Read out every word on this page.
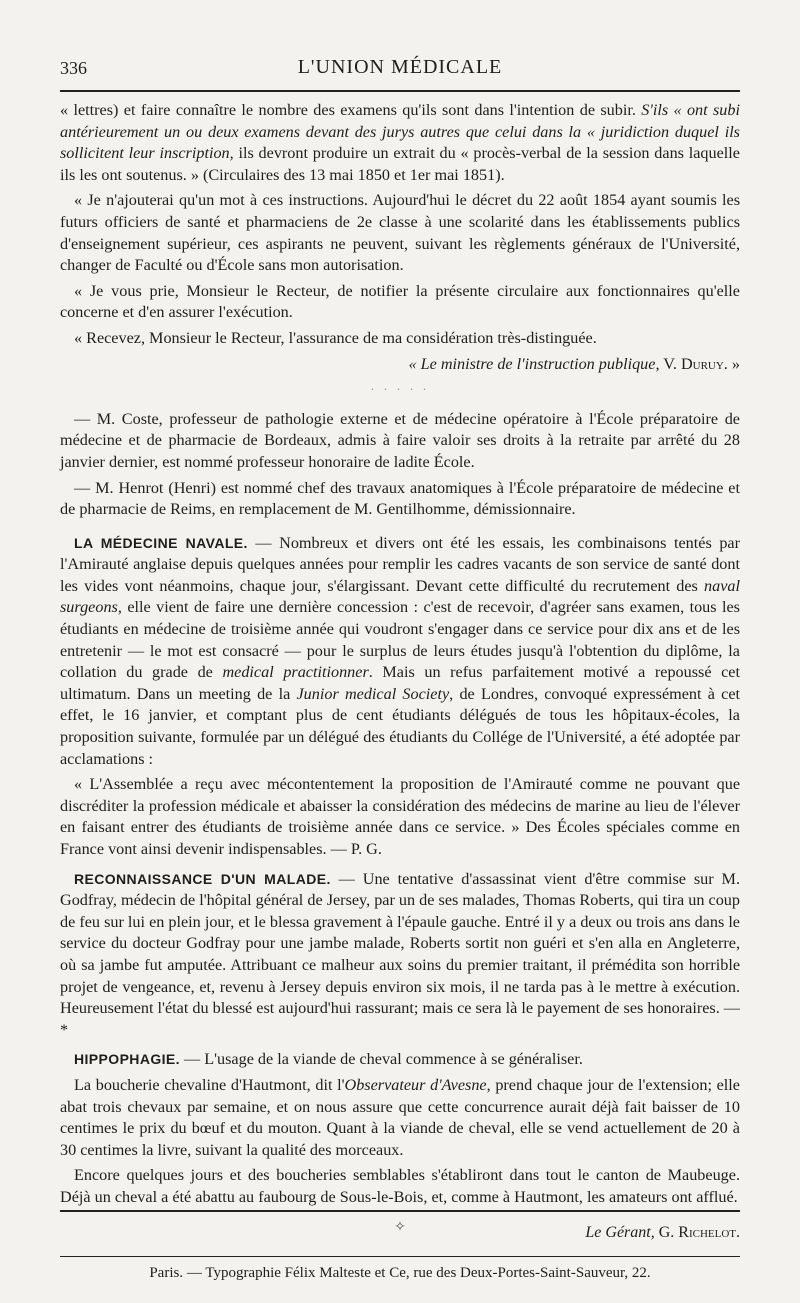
336	L'UNION MÉDICALE

« lettres) et faire connaître le nombre des examens qu'ils sont dans l'intention de subir. S'ils « ont subi antérieurement un ou deux examens devant des jurys autres que celui dans la « juridiction duquel ils sollicitent leur inscription, ils devront produire un extrait du « procès-verbal de la session dans laquelle ils les ont soutenus. » (Circulaires des 13 mai 1850 et 1er mai 1851).

« Je n'ajouterai qu'un mot à ces instructions. Aujourd'hui le décret du 22 août 1854 ayant soumis les futurs officiers de santé et pharmaciens de 2e classe à une scolarité dans les établissements publics d'enseignement supérieur, ces aspirants ne peuvent, suivant les règlements généraux de l'Université, changer de Faculté ou d'École sans mon autorisation.

« Je vous prie, Monsieur le Recteur, de notifier la présente circulaire aux fonctionnaires qu'elle concerne et d'en assurer l'exécution.

« Recevez, Monsieur le Recteur, l'assurance de ma considération très-distinguée.

« Le ministre de l'instruction publique, V. Duruy. »

· · · · ·

— M. Coste, professeur de pathologie externe et de médecine opératoire à l'École préparatoire de médecine et de pharmacie de Bordeaux, admis à faire valoir ses droits à la retraite par arrêté du 28 janvier dernier, est nommé professeur honoraire de ladite École.

— M. Henrot (Henri) est nommé chef des travaux anatomiques à l'École préparatoire de médecine et de pharmacie de Reims, en remplacement de M. Gentilhomme, démissionnaire.

LA MÉDECINE NAVALE. — Nombreux et divers ont été les essais, les combinaisons tentés par l'Amirauté anglaise depuis quelques années pour remplir les cadres vacants de son service de santé dont les vides vont néanmoins, chaque jour, s'élargissant. Devant cette difficulté du recrutement des naval surgeons, elle vient de faire une dernière concession : c'est de recevoir, d'agréer sans examen, tous les étudiants en médecine de troisième année qui voudront s'engager dans ce service pour dix ans et de les entretenir — le mot est consacré — pour le surplus de leurs études jusqu'à l'obtention du diplôme, la collation du grade de medical practitionner. Mais un refus parfaitement motivé a repoussé cet ultimatum. Dans un meeting de la Junior medical Society, de Londres, convoqué expressément à cet effet, le 16 janvier, et comptant plus de cent étudiants délégués de tous les hôpitaux-écoles, la proposition suivante, formulée par un délégué des étudiants du Collége de l'Université, a été adoptée par acclamations :

« L'Assemblée a reçu avec mécontentement la proposition de l'Amirauté comme ne pouvant que discréditer la profession médicale et abaisser la considération des médecins de marine au lieu de l'élever en faisant entrer des étudiants de troisième année dans ce service. » Des Écoles spéciales comme en France vont ainsi devenir indispensables. — P. G.

RECONNAISSANCE D'UN MALADE. — Une tentative d'assassinat vient d'être commise sur M. Godfray, médecin de l'hôpital général de Jersey, par un de ses malades, Thomas Roberts, qui tira un coup de feu sur lui en plein jour, et le blessa gravement à l'épaule gauche. Entré il y a deux ou trois ans dans le service du docteur Godfray pour une jambe malade, Roberts sortit non guéri et s'en alla en Angleterre, où sa jambe fut amputée. Attribuant ce malheur aux soins du premier traitant, il prémédita son horrible projet de vengeance, et, revenu à Jersey depuis environ six mois, il ne tarda pas à le mettre à exécution. Heureusement l'état du blessé est aujourd'hui rassurant; mais ce sera là le payement de ses honoraires. — *

HIPPOPHAGIE. — L'usage de la viande de cheval commence à se généraliser.

La boucherie chevaline d'Hautmont, dit l'Observateur d'Avesne, prend chaque jour de l'extension; elle abat trois chevaux par semaine, et on nous assure que cette concurrence aurait déjà fait baisser de 10 centimes le prix du bœuf et du mouton. Quant à la viande de cheval, elle se vend actuellement de 20 à 30 centimes la livre, suivant la qualité des morceaux.

Encore quelques jours et des boucheries semblables s'établiront dans tout le canton de Maubeuge. Déjà un cheval a été abattu au faubourg de Sous-le-Bois, et, comme à Hautmont, les amateurs ont afflué.

✧	Le Gérant, G. Richelot.
Paris. — Typographie Félix Malteste et Ce, rue des Deux-Portes-Saint-Sauveur, 22.
